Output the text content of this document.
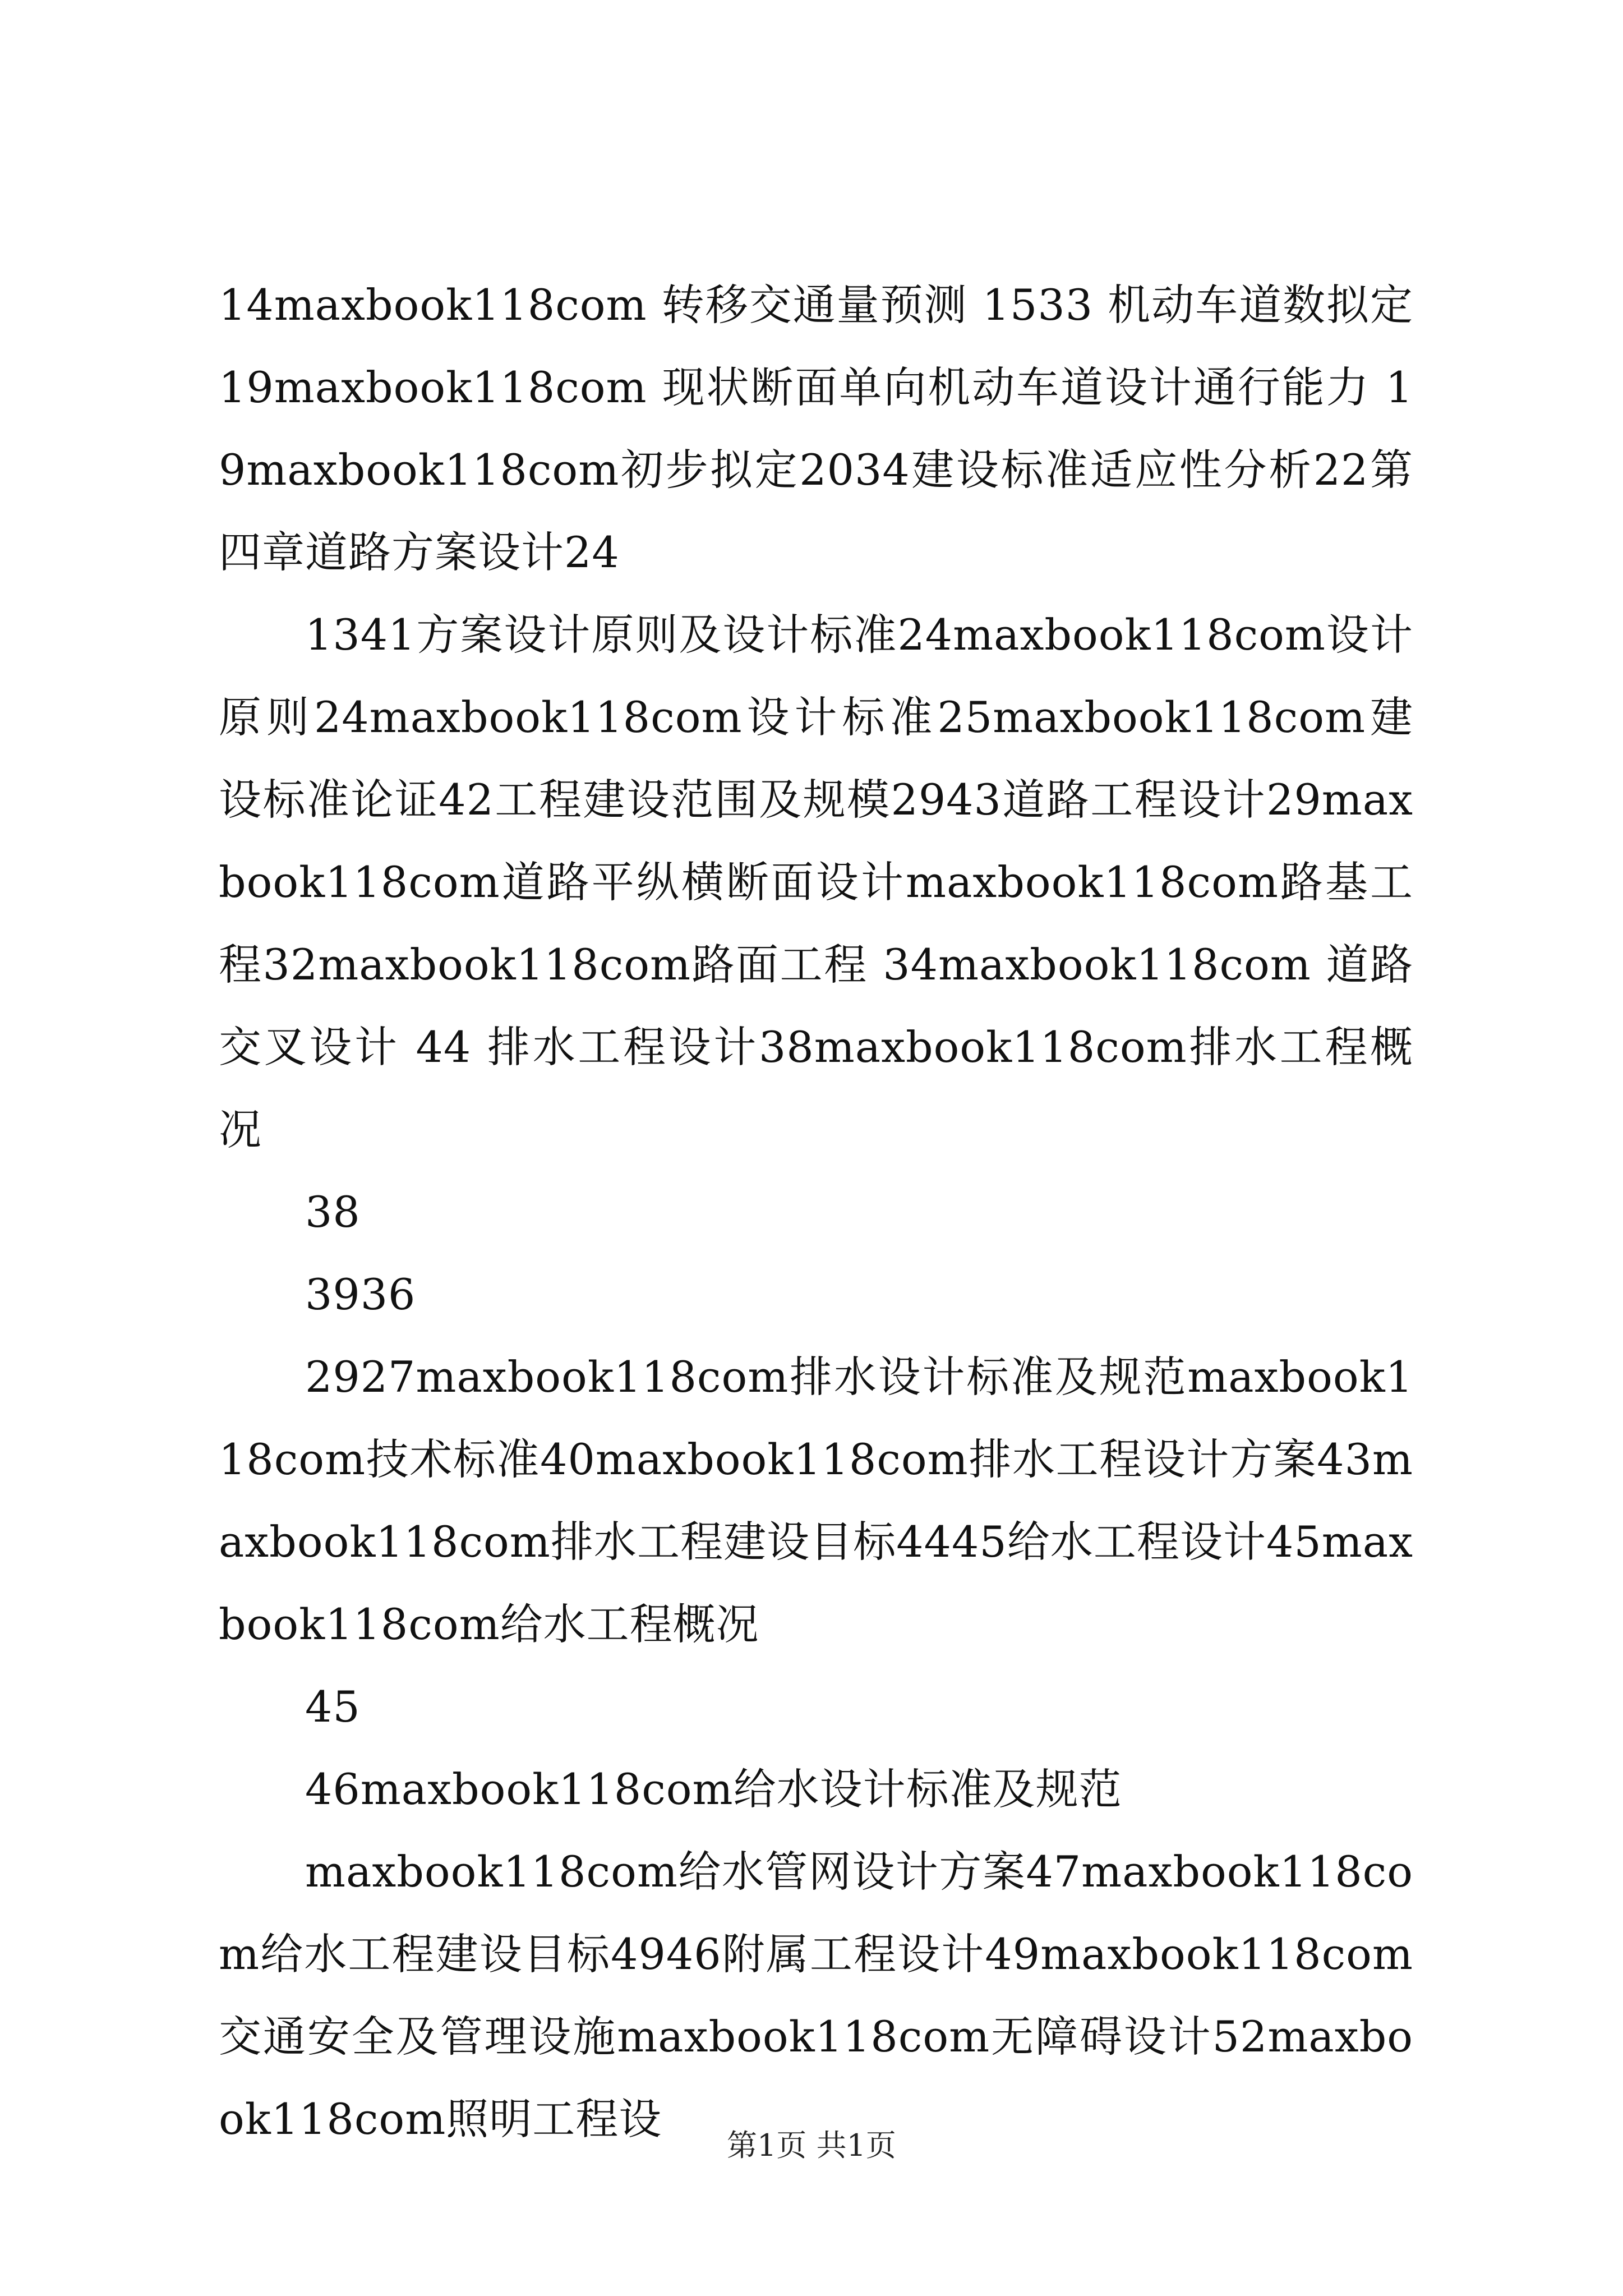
14maxbook118com 转移交通量预测 1533 机动车道数拟定 19maxbook118com 现状断面单向机动车道设计通行能力 19maxbook118com初步拟定2034建设标准适应性分析22第四章道路方案设计24

1341方案设计原则及设计标准24maxbook118com设计原则24maxbook118com设计标准25maxbook118com建设标准论证42工程建设范围及规模2943道路工程设计29maxbook118com道路平纵横断面设计maxbook118com路基工程32maxbook118com路面工程 34maxbook118com 道路交叉设计 44 排水工程设计38maxbook118com排水工程概况

38

3936

2927maxbook118com排水设计标准及规范maxbook118com技术标准40maxbook118com排水工程设计方案43maxbook118com排水工程建设目标4445给水工程设计45maxbook118com给水工程概况

45

46maxbook118com给水设计标准及规范

maxbook118com给水管网设计方案47maxbook118com给水工程建设目标4946附属工程设计49maxbook118com交通安全及管理设施maxbook118com无障碍设计52maxbook118com照明工程设

第1页 共1页
